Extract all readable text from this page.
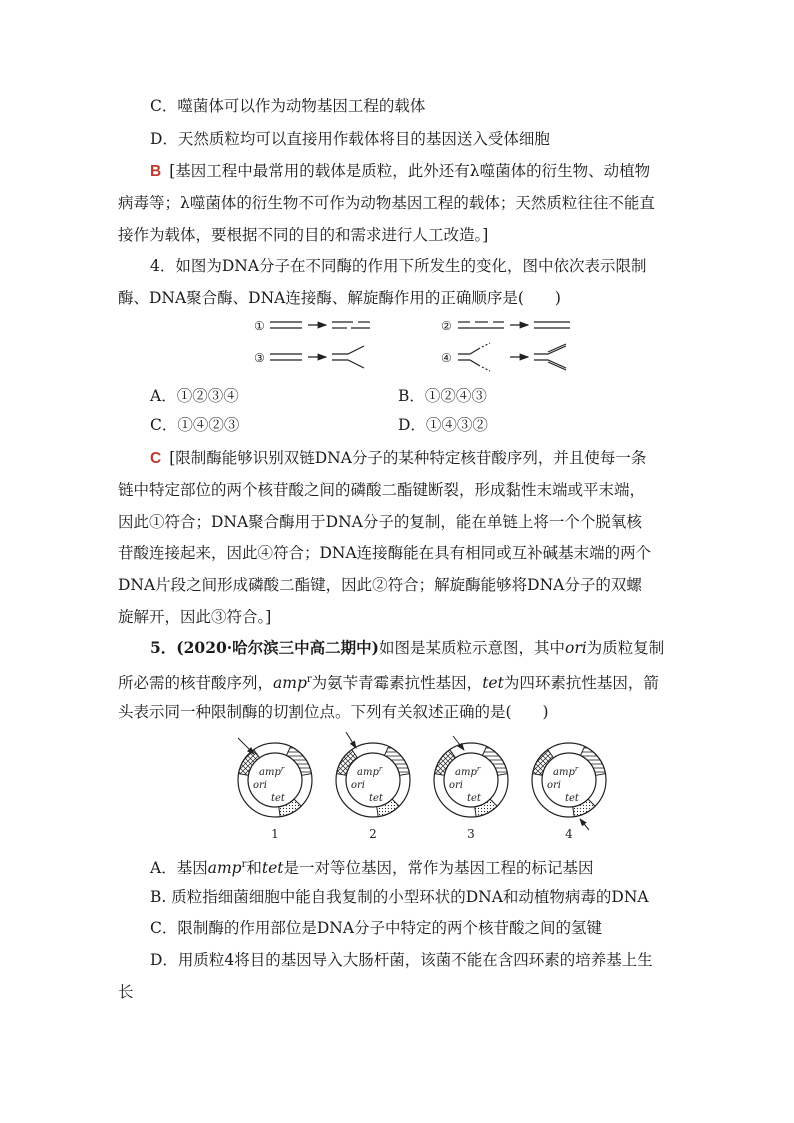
C．噬菌体可以作为动物基因工程的载体
D．天然质粒均可以直接用作载体将目的基因送入受体细胞
B [基因工程中最常用的载体是质粒，此外还有λ噬菌体的衍生物、动植物
病毒等；λ噬菌体的衍生物不可作为动物基因工程的载体；天然质粒往往不能直
接作为载体，要根据不同的目的和需求进行人工改造。]
4．如图为DNA分子在不同酶的作用下所发生的变化，图中依次表示限制
酶、DNA聚合酶、DNA连接酶、解旋酶作用的正确顺序是(　　)
①	②
③	④
A．①②③④	B．①②④③
C．①④②③	D．①④③②
C [限制酶能够识别双链DNA分子的某种特定核苷酸序列，并且使每一条
链中特定部位的两个核苷酸之间的磷酸二酯键断裂，形成黏性末端或平末端，
因此①符合；DNA聚合酶用于DNA分子的复制，能在单链上将一个个脱氧核
苷酸连接起来，因此④符合；DNA连接酶能在具有相同或互补碱基末端的两个
DNA片段之间形成磷酸二酯键，因此②符合；解旋酶能够将DNA分子的双螺
旋解开，因此③符合。]
5．(2020·哈尔滨三中高二期中)如图是某质粒示意图，其中ori为质粒复制
所必需的核苷酸序列，amp$^r$为氨苄青霉素抗性基因，tet为四环素抗性基因，箭
头表示同一种限制酶的切割位点。下列有关叙述正确的是(　　)
amp$^r$
ori
tet
amp$^r$
ori
tet
amp$^r$
ori
tet
amp$^r$
ori
tet
1	2	3	4
A．基因amp$^r$和tet是一对等位基因，常作为基因工程的标记基因
B. 质粒指细菌细胞中能自我复制的小型环状的DNA和动植物病毒的DNA
C．限制酶的作用部位是DNA分子中特定的两个核苷酸之间的氢键
D．用质粒4将目的基因导入大肠杆菌，该菌不能在含四环素的培养基上生
长
